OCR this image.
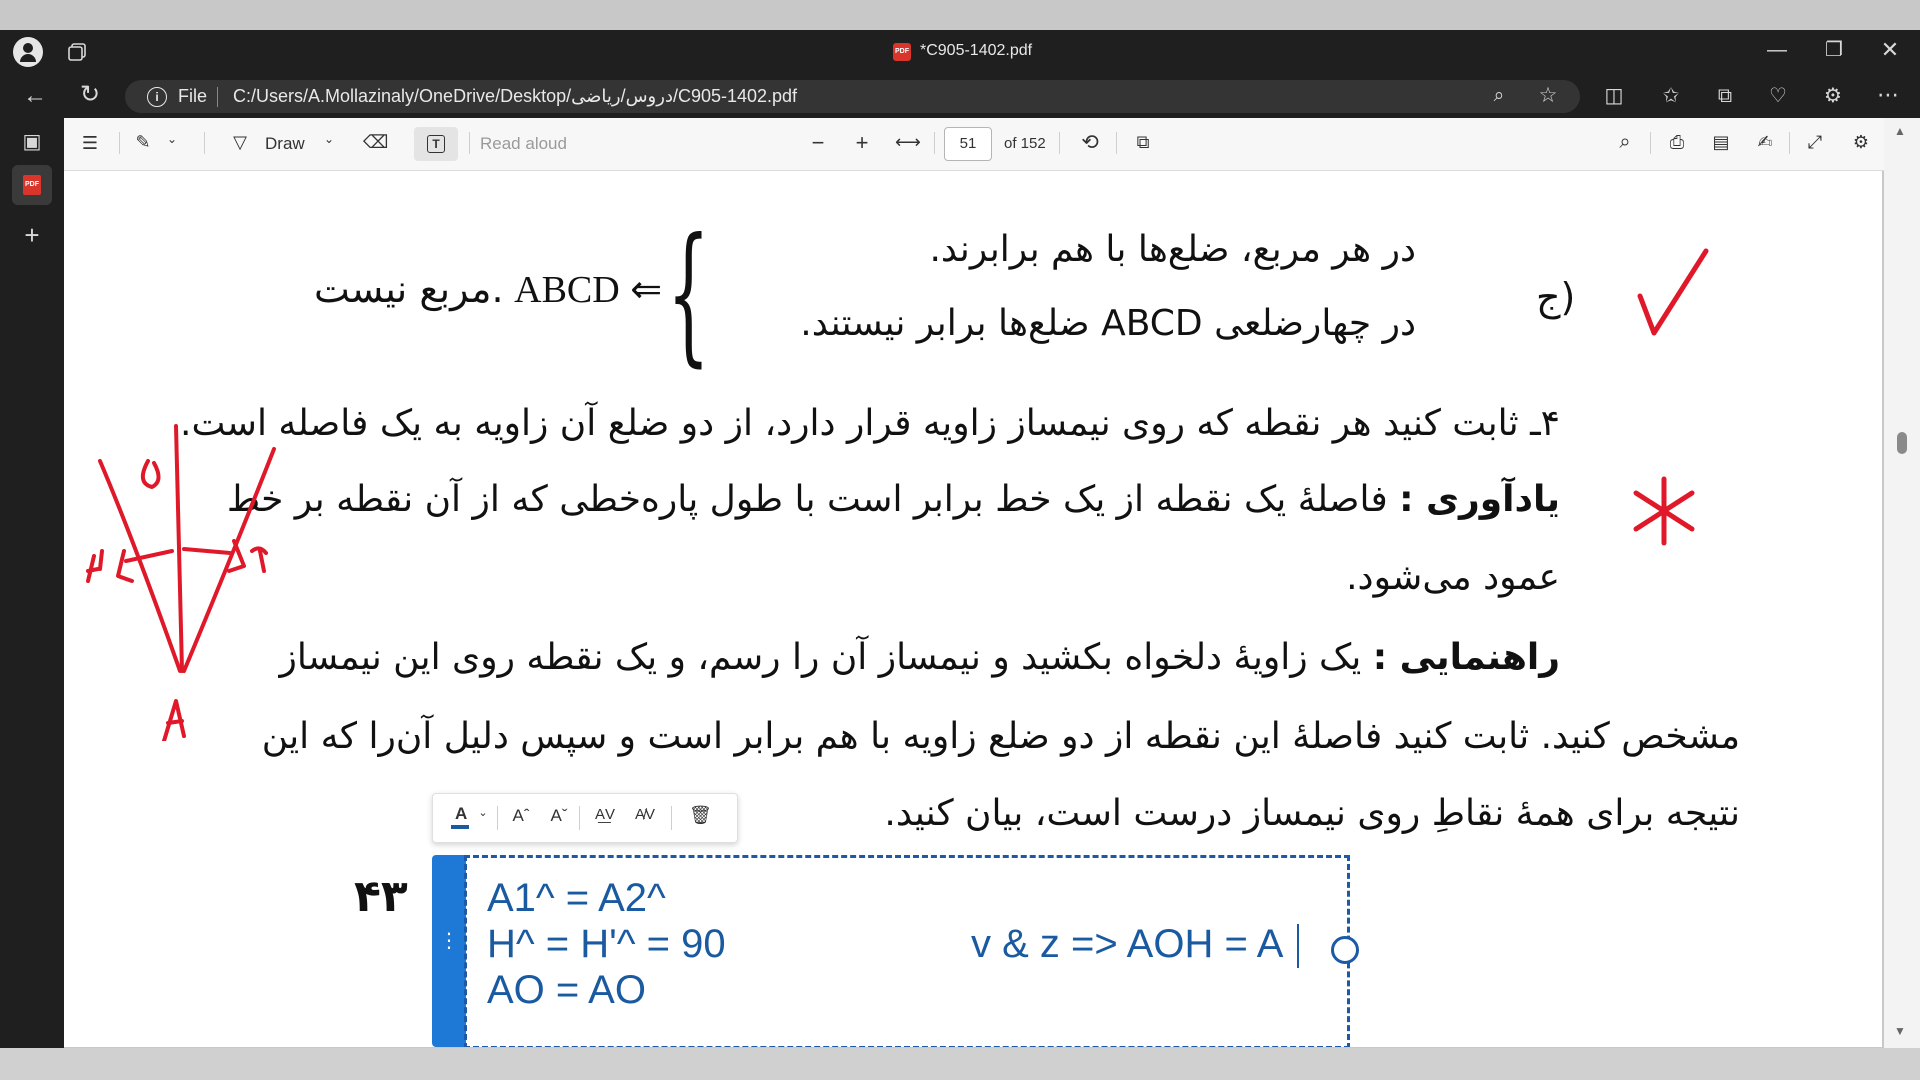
PDF *C905-1402.pdf	— ❐ ✕
← ↻	i	File C:/Users/A.Mollazinaly/OneDrive/Desktop/دروس/ریاضی/C905-1402.pdf	⌕ ☆ ◫ ✩ ⧉ ♡ ⚙ ⋯
▣
PDF
+
☰ ✎ ⌄	▽ Draw ⌄ ⌫	T	Read aloud	− + ⟷	51	of 152 ⟲ ⧉	⌕	⎙ ▤ ✍ ⤢ ⚙
در هر مربع، ضلع‌ها با هم برابرند.
در چهارضلعی ABCD ضلع‌ها برابر نیستند.
{
مربع نیست. ABCD ⇐	ج)
۴ـ ثابت کنید هر نقطه که روی نیمساز زاویه قرار دارد، از دو ضلع آن زاویه به یک فاصله است.
یادآوری : فاصلهٔ یک نقطه از یک خط برابر است با طول پاره‌خطی که از آن نقطه بر خط
عمود می‌شود.
راهنمایی : یک زاویهٔ دلخواه بکشید و نیمساز آن را رسم، و یک نقطه روی این نیمساز
مشخص کنید. ثابت کنید فاصلهٔ این نقطه از دو ضلع زاویه با هم برابر است و سپس دلیل آن‌را که این
نتیجه برای همهٔ نقاطِ روی نیمساز درست است، بیان کنید.
۴۳
A ⌄ Aˆ Aˇ A͟V A̸V 🗑
⋮⋮
A1^ = A2^
H^ = H'^ = 90
AO = AO
v & z => AOH = A
▲
▼
